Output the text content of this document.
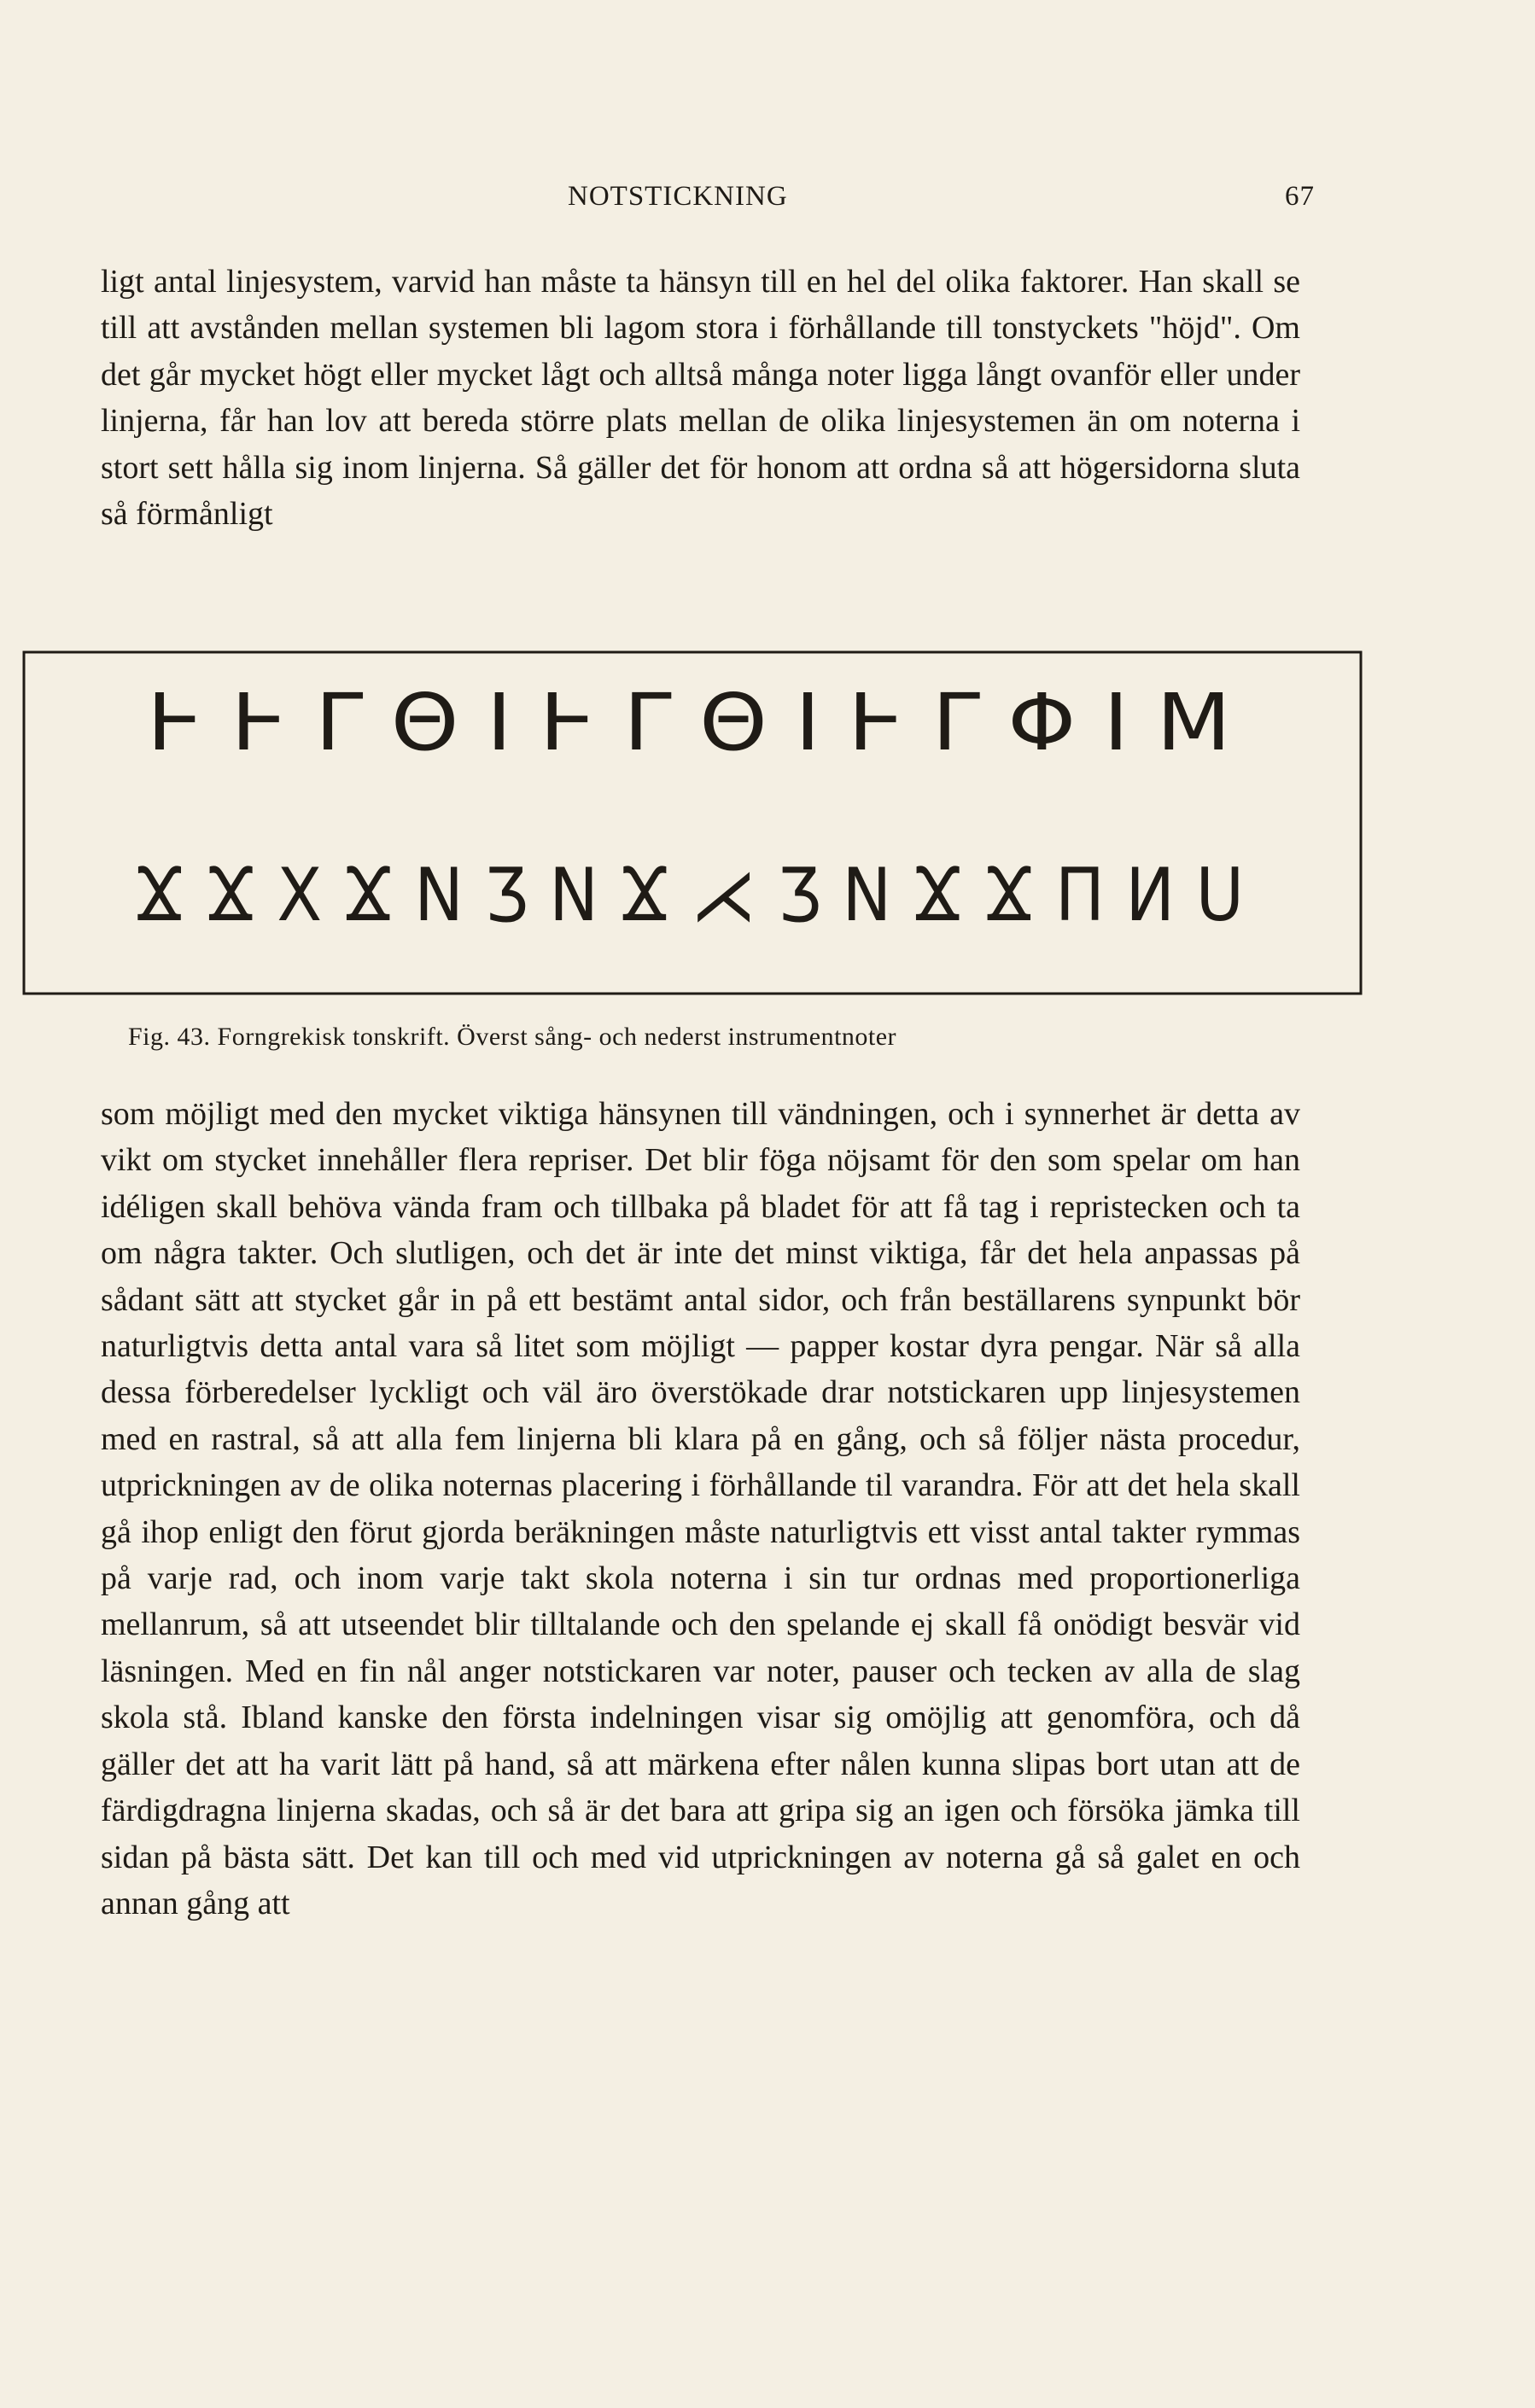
NOTSTICKNING	67
ligt antal linjesystem, varvid han måste ta hänsyn till en hel del olika faktorer. Han skall se till att avstånden mellan systemen bli lagom stora i förhållande till tonstyckets "höjd". Om det går mycket högt eller mycket lågt och alltså många noter ligga långt ovanför eller under linjerna, får han lov att bereda större plats mellan de olika linjesystemen än om noterna i stort sett hålla sig inom linjerna. Så gäller det för honom att ordna så att högersidorna sluta så förmånligt
Ͱ Ͱ Γ Θ Ι Ͱ Γ Θ Ι Ͱ Γ Φ Ι Μ
Ϫ Ϫ Χ Ϫ Ν Ʒ Ν Ϫ ⋌ Ʒ Ν Ϫ Ϫ Π Ͷ U
Fig. 43. Forngrekisk tonskrift. Överst sång- och nederst instrumentnoter
som möjligt med den mycket viktiga hänsynen till vändningen, och i synnerhet är detta av vikt om stycket innehåller flera repriser. Det blir föga nöjsamt för den som spelar om han idéligen skall behöva vända fram och tillbaka på bladet för att få tag i repristecken och ta om några takter. Och slutligen, och det är inte det minst viktiga, får det hela anpassas på sådant sätt att stycket går in på ett bestämt antal sidor, och från beställarens synpunkt bör naturligtvis detta antal vara så litet som möjligt — papper kostar dyra pengar. När så alla dessa förberedelser lyckligt och väl äro överstökade drar notstickaren upp linjesystemen med en rastral, så att alla fem linjerna bli klara på en gång, och så följer nästa procedur, utprickningen av de olika noternas placering i förhållande til varandra. För att det hela skall gå ihop enligt den förut gjorda beräkningen måste naturligtvis ett visst antal takter rymmas på varje rad, och inom varje takt skola noterna i sin tur ordnas med proportionerliga mellanrum, så att utseendet blir tilltalande och den spelande ej skall få onödigt besvär vid läsningen. Med en fin nål anger notstickaren var noter, pauser och tecken av alla de slag skola stå. Ibland kanske den första indelningen visar sig omöjlig att genomföra, och då gäller det att ha varit lätt på hand, så att märkena efter nålen kunna slipas bort utan att de färdigdragna linjerna skadas, och så är det bara att gripa sig an igen och försöka jämka till sidan på bästa sätt. Det kan till och med vid utprickningen av noterna gå så galet en och annan gång att
